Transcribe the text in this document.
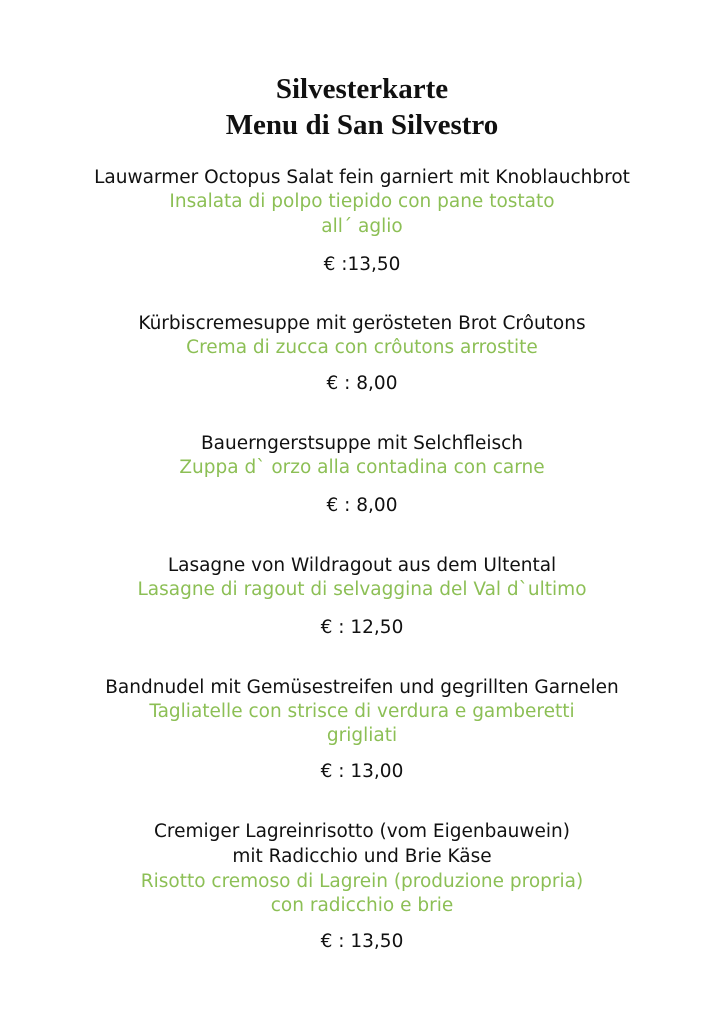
Silvesterkarte
Menu di San Silvestro
Lauwarmer Octopus Salat fein garniert mit Knoblauchbrot
Insalata di polpo tiepido con pane tostato
all´ aglio
€ :13,50
Kürbiscremesuppe mit gerösteten Brot Crôutons
Crema di zucca con crôutons arrostite
€ : 8,00
Bauerngerstsuppe mit Selchfleisch
Zuppa d` orzo alla contadina con carne
€ : 8,00
Lasagne von Wildragout aus dem Ultental
Lasagne di ragout di selvaggina del Val d`ultimo
€ : 12,50
Bandnudel mit Gemüsestreifen und gegrillten Garnelen
Tagliatelle con strisce di verdura e gamberetti
grigliati
€ : 13,00
Cremiger Lagreinrisotto (vom Eigenbauwein)
mit Radicchio und Brie Käse
Risotto cremoso di Lagrein (produzione propria)
con radicchio e brie
€ : 13,50
